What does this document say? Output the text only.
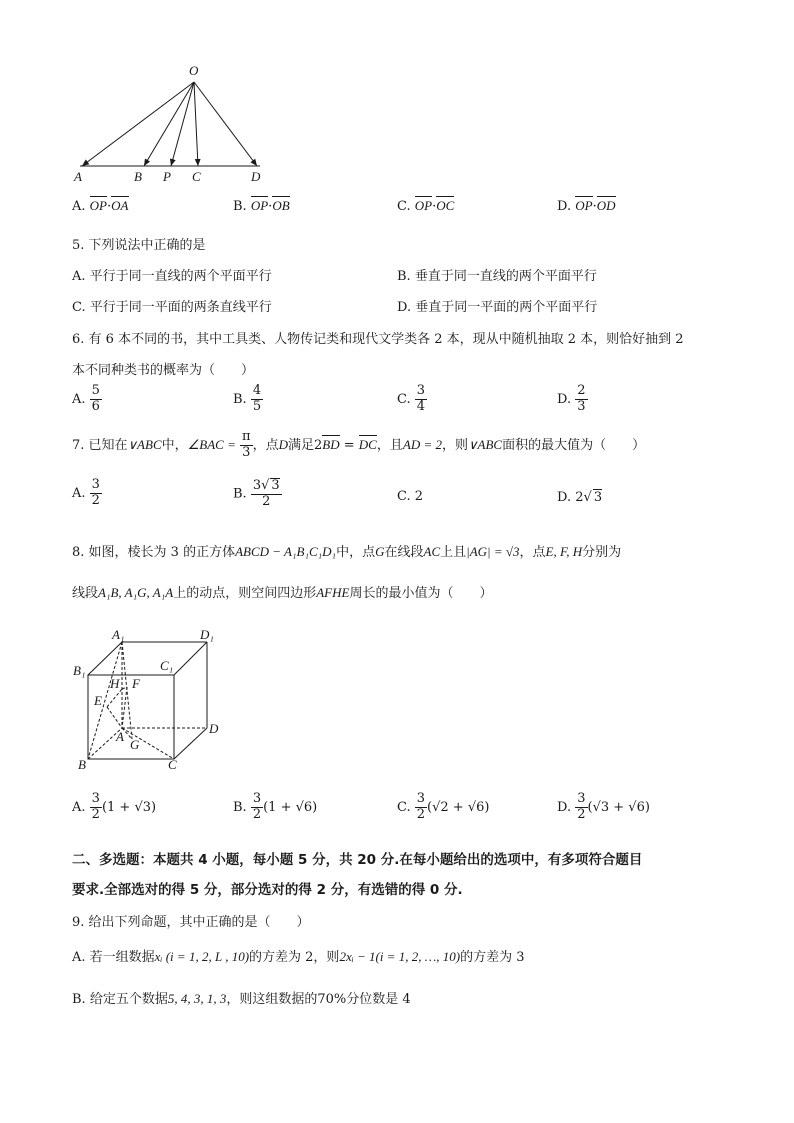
O
A	B P C	D
A. OP·OA	B. OP·OB	C. OP·OC	D. OP·OD
5. 下列说法中正确的是
A. 平行于同一直线的两个平面平行	B. 垂直于同一直线的两个平面平行
C. 平行于同一平面的两条直线平行	D. 垂直于同一平面的两个平面平行
6. 有 6 本不同的书，其中工具类、人物传记类和现代文学类各 2 本，现从中随机抽取 2 本，则恰好抽到 2
本不同种类书的概率为（　　）
A. $\frac{5}{6}$	B. $\frac{4}{5}$	C. $\frac{3}{4}$	D. $\frac{2}{3}$
7. 已知在∨ABC中，∠BAC = $\frac{\pi}{3}$ ，点D满足2BD = DC，且AD = 2，则∨ABC面积的最大值为（　　）
A. $\frac{3}{2}$	B. $\frac{3√ 3}{2}$	C. 2	D. 2√ 3
8. 如图，棱长为 3 的正方体ABCD − A₁B₁C₁D₁中，点G在线段AC上且|AG| = √3，点E, F, H分别为
线段A₁B, A₁G, A₁A上的动点，则空间四边形AFHE周长的最小值为（　　）
A₁	D₁
B₁	C₁
H F
E
A
G
D
B	C
A. $\frac{3}{2} (1 + √3)$	B. $\frac{3}{2} (1 + √6)$	C. $\frac{3}{2} (√2 + √6)$	D. $\frac{3}{2} (√3 + √6)$
二、多选题：本题共 4 小题，每小题 5 分，共 20 分.在每小题给出的选项中，有多项符合题目
要求.全部选对的得 5 分，部分选对的得 2 分，有选错的得 0 分.
9. 给出下列命题，其中正确的是（　　）
A. 若一组数据xᵢ (i = 1, 2, L , 10)的方差为 2，则2xᵢ − 1(i = 1, 2, …, 10)的方差为 3
B. 给定五个数据5, 4, 3, 1, 3，则这组数据的70%分位数是 4
